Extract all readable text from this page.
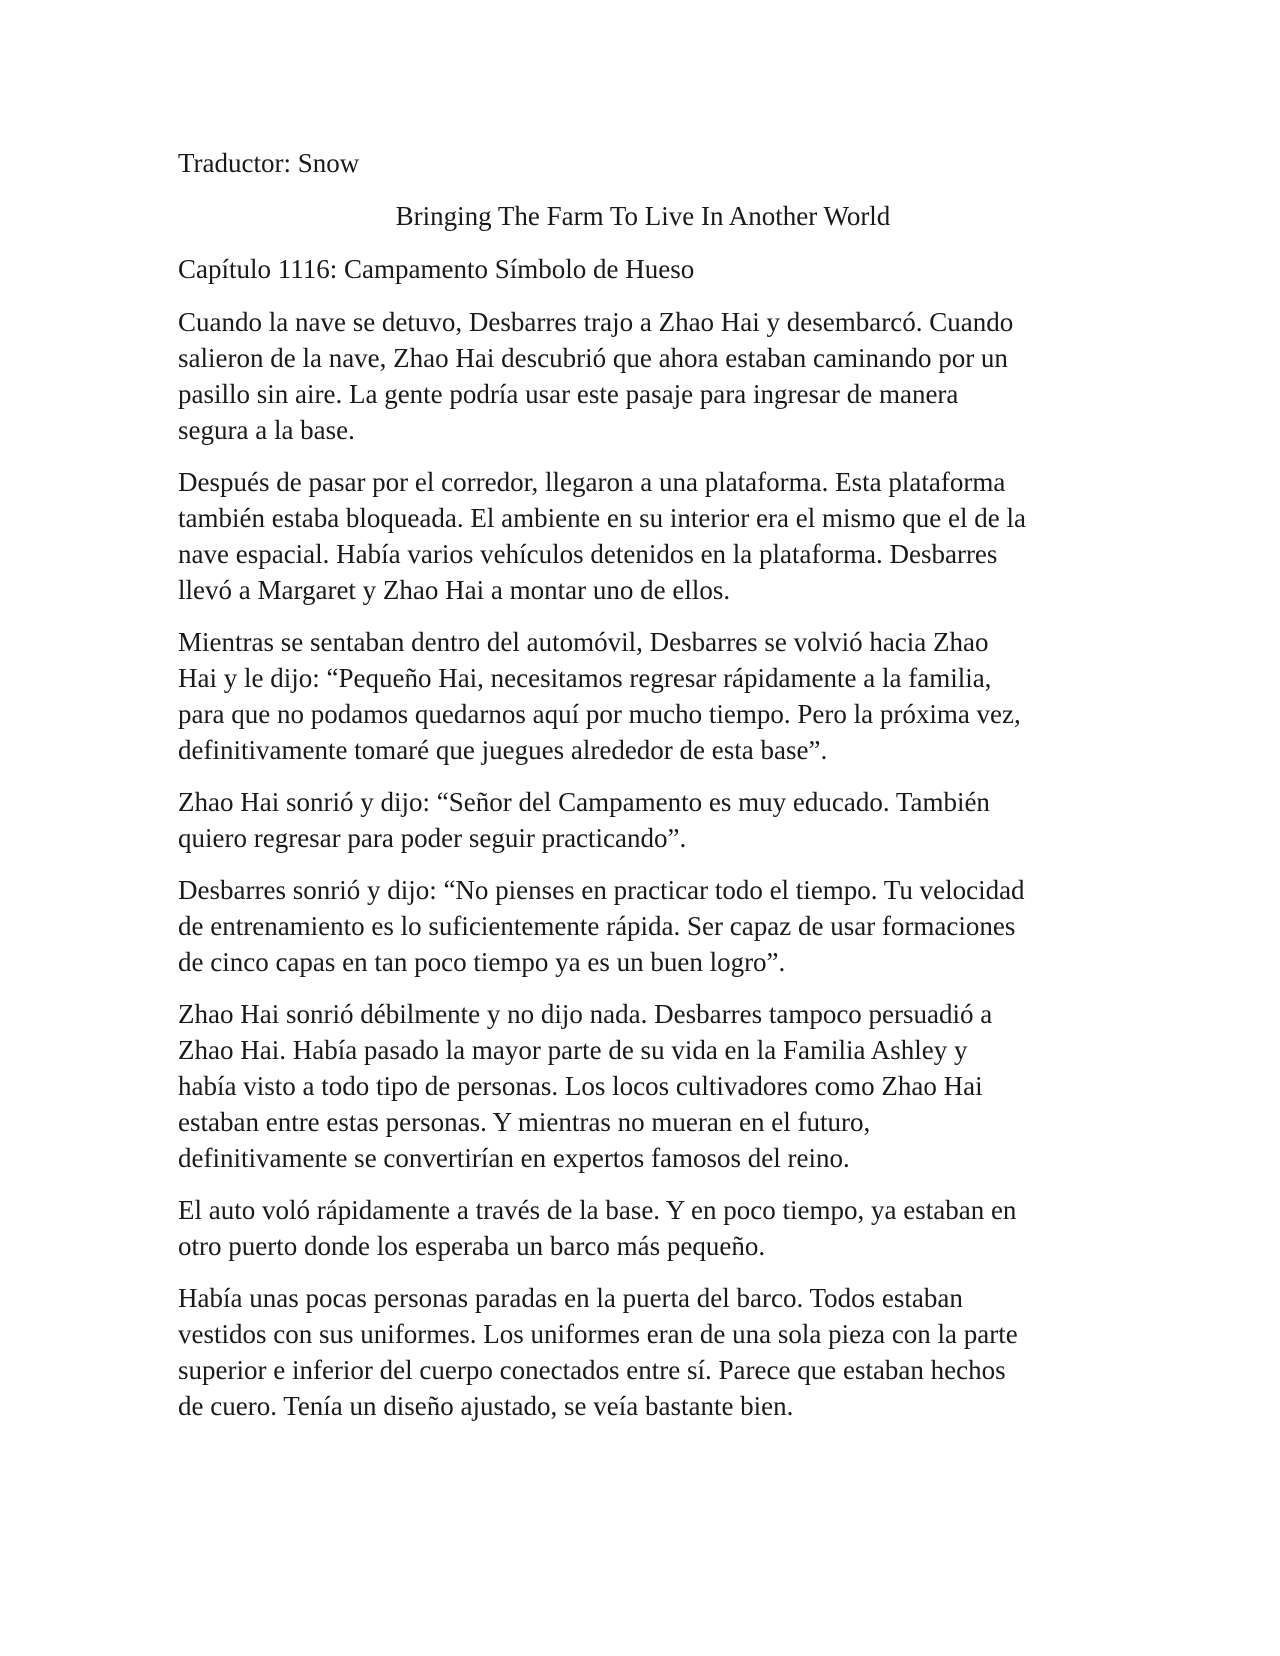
Traductor: Snow
Bringing The Farm To Live In Another World
Capítulo 1116: Campamento Símbolo de Hueso
Cuando la nave se detuvo, Desbarres trajo a Zhao Hai y desembarcó. Cuando
salieron de la nave, Zhao Hai descubrió que ahora estaban caminando por un
pasillo sin aire. La gente podría usar este pasaje para ingresar de manera
segura a la base.
Después de pasar por el corredor, llegaron a una plataforma. Esta plataforma
también estaba bloqueada. El ambiente en su interior era el mismo que el de la
nave espacial. Había varios vehículos detenidos en la plataforma. Desbarres
llevó a Margaret y Zhao Hai a montar uno de ellos.
Mientras se sentaban dentro del automóvil, Desbarres se volvió hacia Zhao
Hai y le dijo: “Pequeño Hai, necesitamos regresar rápidamente a la familia,
para que no podamos quedarnos aquí por mucho tiempo. Pero la próxima vez,
definitivamente tomaré que juegues alrededor de esta base”.
Zhao Hai sonrió y dijo: “Señor del Campamento es muy educado. También
quiero regresar para poder seguir practicando”.
Desbarres sonrió y dijo: “No pienses en practicar todo el tiempo. Tu velocidad
de entrenamiento es lo suficientemente rápida. Ser capaz de usar formaciones
de cinco capas en tan poco tiempo ya es un buen logro”.
Zhao Hai sonrió débilmente y no dijo nada. Desbarres tampoco persuadió a
Zhao Hai. Había pasado la mayor parte de su vida en la Familia Ashley y
había visto a todo tipo de personas. Los locos cultivadores como Zhao Hai
estaban entre estas personas. Y mientras no mueran en el futuro,
definitivamente se convertirían en expertos famosos del reino.
El auto voló rápidamente a través de la base. Y en poco tiempo, ya estaban en
otro puerto donde los esperaba un barco más pequeño.
Había unas pocas personas paradas en la puerta del barco. Todos estaban
vestidos con sus uniformes. Los uniformes eran de una sola pieza con la parte
superior e inferior del cuerpo conectados entre sí. Parece que estaban hechos
de cuero. Tenía un diseño ajustado, se veía bastante bien.
